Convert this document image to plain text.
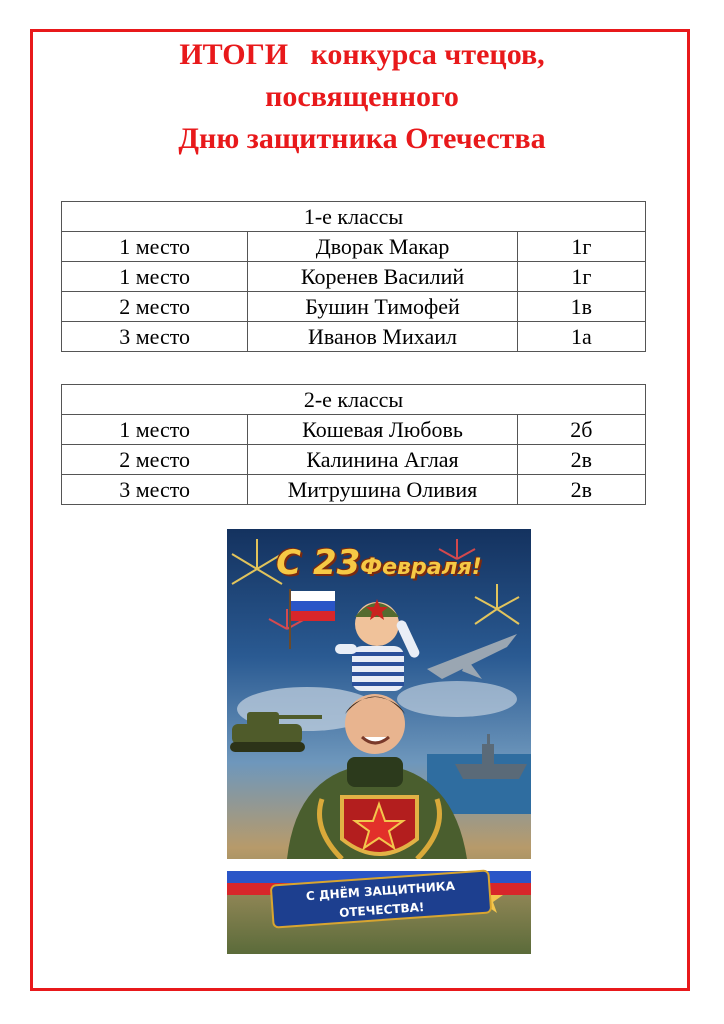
ИТОГИ   конкурса чтецов,
посвященного
Дню защитника Отечества
1-е классы		
1 место	Дворак Макар	1г
1 место	Коренев Василий	1г
2 место	Бушин Тимофей	1в
3 место	Иванов Михаил	1а
2-е классы		
1 место	Кошевая Любовь	2б
2 место	Калинина Аглая	2в
3 место	Митрушина Оливия	2в
С 23Февраля!
С ДНЁМ ЗАЩИТНИКА
ОТЕЧЕСТВА!
